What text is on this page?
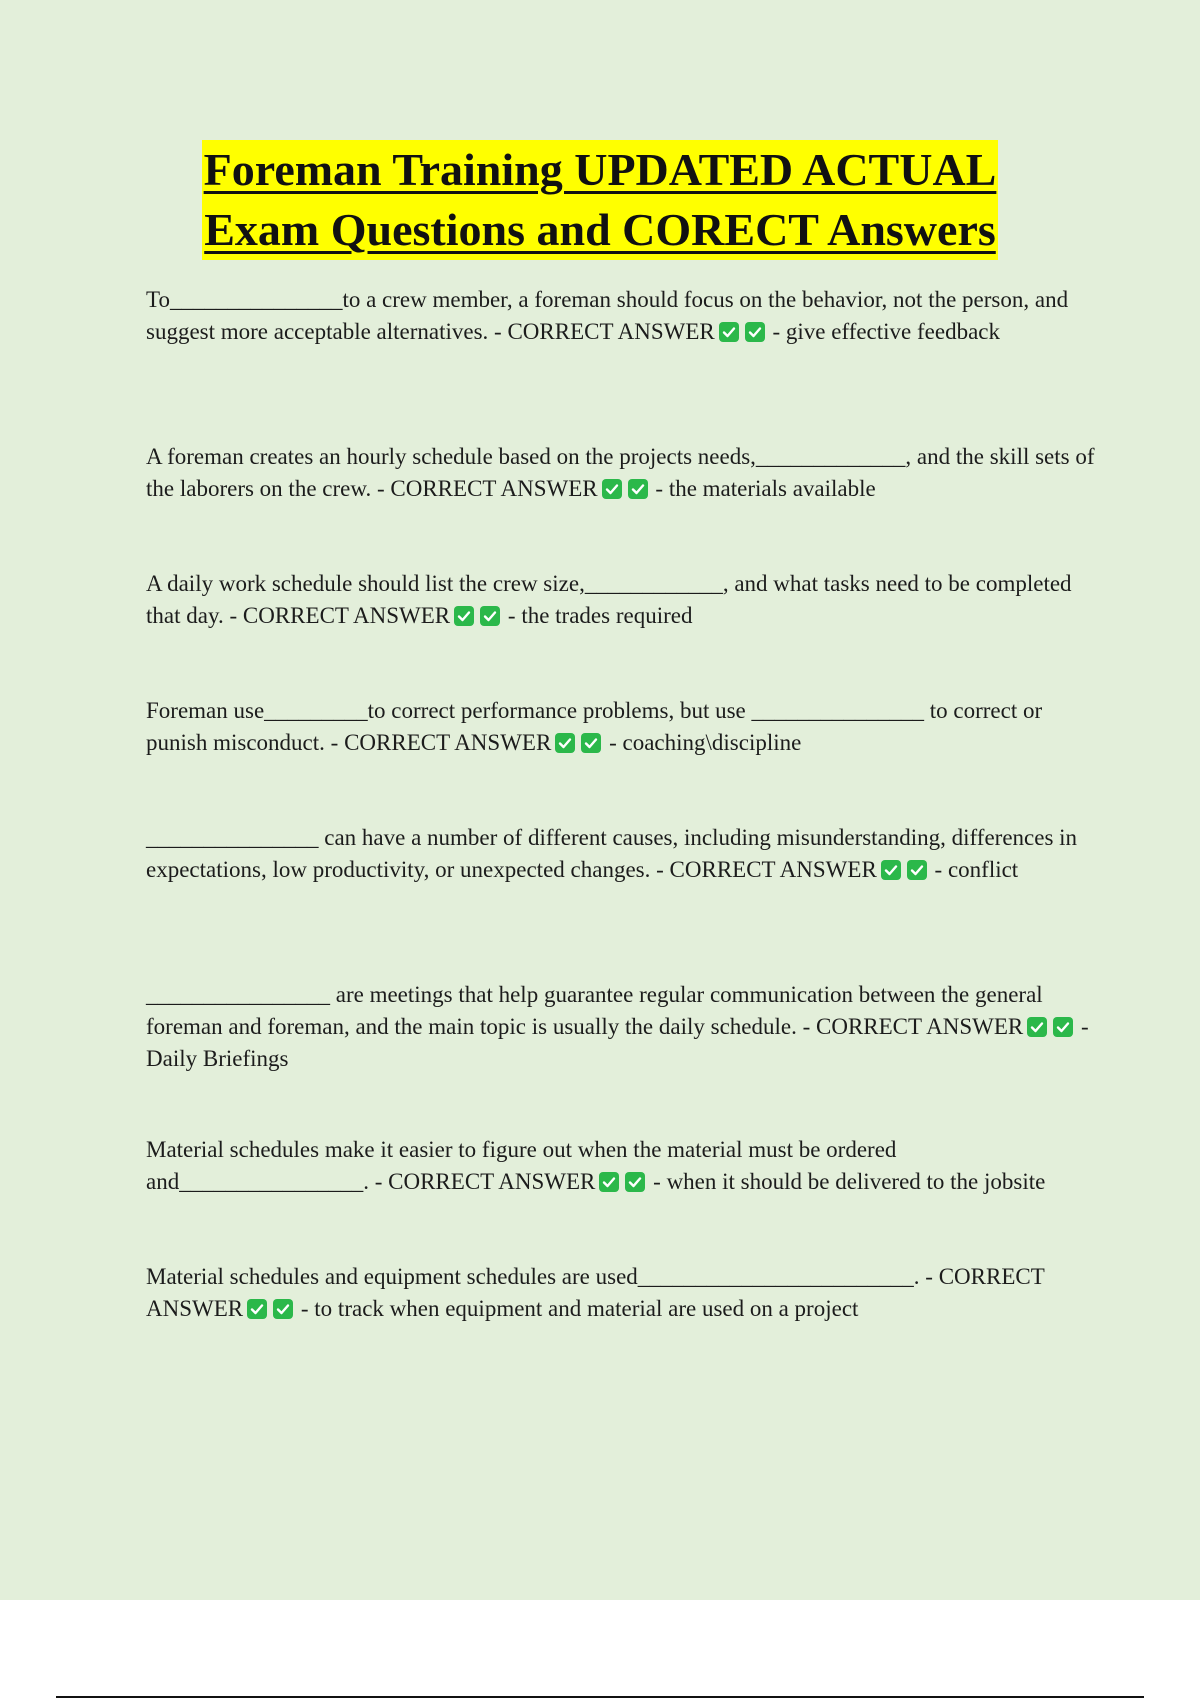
Foreman Training UPDATED ACTUAL
Exam Questions and CORECT Answers
To_______________to a crew member, a foreman should focus on the behavior, not the person, and suggest more acceptable alternatives. - CORRECT ANSWER
- give effective feedback
A foreman creates an hourly schedule based on the projects needs,_____________, and the skill sets of the laborers on the crew. - CORRECT ANSWER
- the materials available
A daily work schedule should list the crew size,____________, and what tasks need to be completed that day. - CORRECT ANSWER
- the trades required
Foreman use_________to correct performance problems, but use _______________ to correct or punish misconduct. - CORRECT ANSWER
- coaching\discipline
_______________ can have a number of different causes, including misunderstanding, differences in expectations, low productivity, or unexpected changes. - CORRECT ANSWER
- conflict
________________ are meetings that help guarantee regular communication between the general foreman and foreman, and the main topic is usually the daily schedule. - CORRECT ANSWER
- Daily Briefings
Material schedules make it easier to figure out when the material must be ordered and________________. - CORRECT ANSWER
- when it should be delivered to the jobsite
Material schedules and equipment schedules are used________________________. - CORRECT ANSWER
- to track when equipment and material are used on a project
